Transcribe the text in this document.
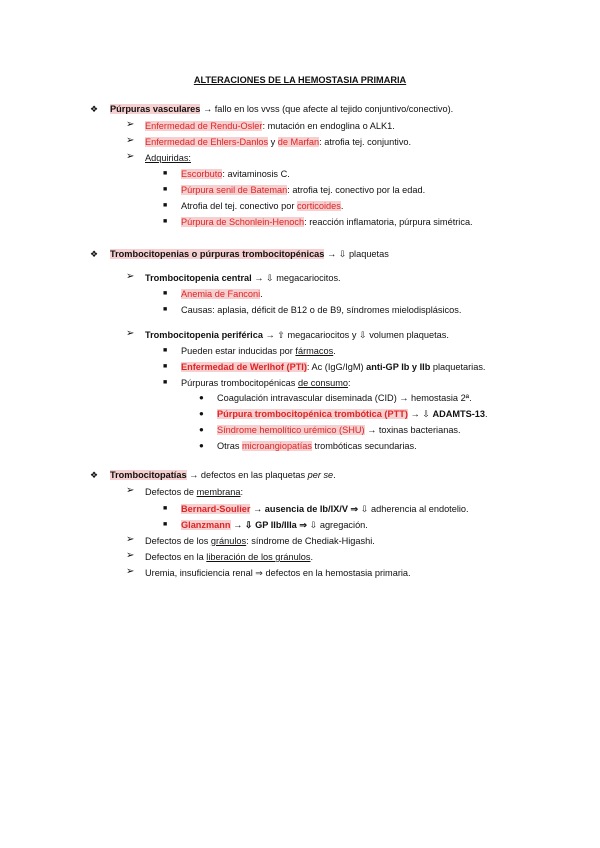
ALTERACIONES DE LA HEMOSTASIA PRIMARIA
❖ Púrpuras vasculares → fallo en los vvss (que afecte al tejido conjuntivo/conectivo).
➢ Enfermedad de Rendu-Osler: mutación en endoglina o ALK1.
➢ Enfermedad de Ehlers-Danlos y de Marfan: atrofia tej. conjuntivo.
➢ Adquiridas:
■ Escorbuto: avitaminosis C.
■ Púrpura senil de Bateman: atrofia tej. conectivo por la edad.
■ Atrofia del tej. conectivo por corticoides.
■ Púrpura de Schonlein-Henoch: reacción inflamatoria, púrpura simétrica.
❖ Trombocitopenias o púrpuras trombocitopénicas → ⇩ plaquetas
➢ Trombocitopenia central → ⇩ megacariocitos.
■ Anemia de Fanconi.
■ Causas: aplasia, déficit de B12 o de B9, síndromes mielodisplásicos.
➢ Trombocitopenia periférica → ⇧ megacariocitos y ⇩ volumen plaquetas.
■ Pueden estar inducidas por fármacos.
■ Enfermedad de Werlhof (PTI): Ac (IgG/IgM) anti-GP Ib y IIb plaquetarias.
■ Púrpuras trombocitopénicas de consumo:
● Coagulación intravascular diseminada (CID) → hemostasia 2ª.
● Púrpura trombocitopénica trombótica (PTT) → ⇩ ADAMTS-13.
● Síndrome hemolítico urémico (SHU) → toxinas bacterianas.
● Otras microangiopatías trombóticas secundarias.
❖ Trombocitopatías → defectos en las plaquetas per se.
➢ Defectos de membrana:
■ Bernard-Soulier → ausencia de Ib/IX/V ⇒ ⇩ adherencia al endotelio.
■ Glanzmann → ⇩ GP IIb/IIIa ⇒ ⇩ agregación.
➢ Defectos de los gránulos: síndrome de Chediak-Higashi.
➢ Defectos en la liberación de los gránulos.
➢ Uremia, insuficiencia renal ⇒ defectos en la hemostasia primaria.
